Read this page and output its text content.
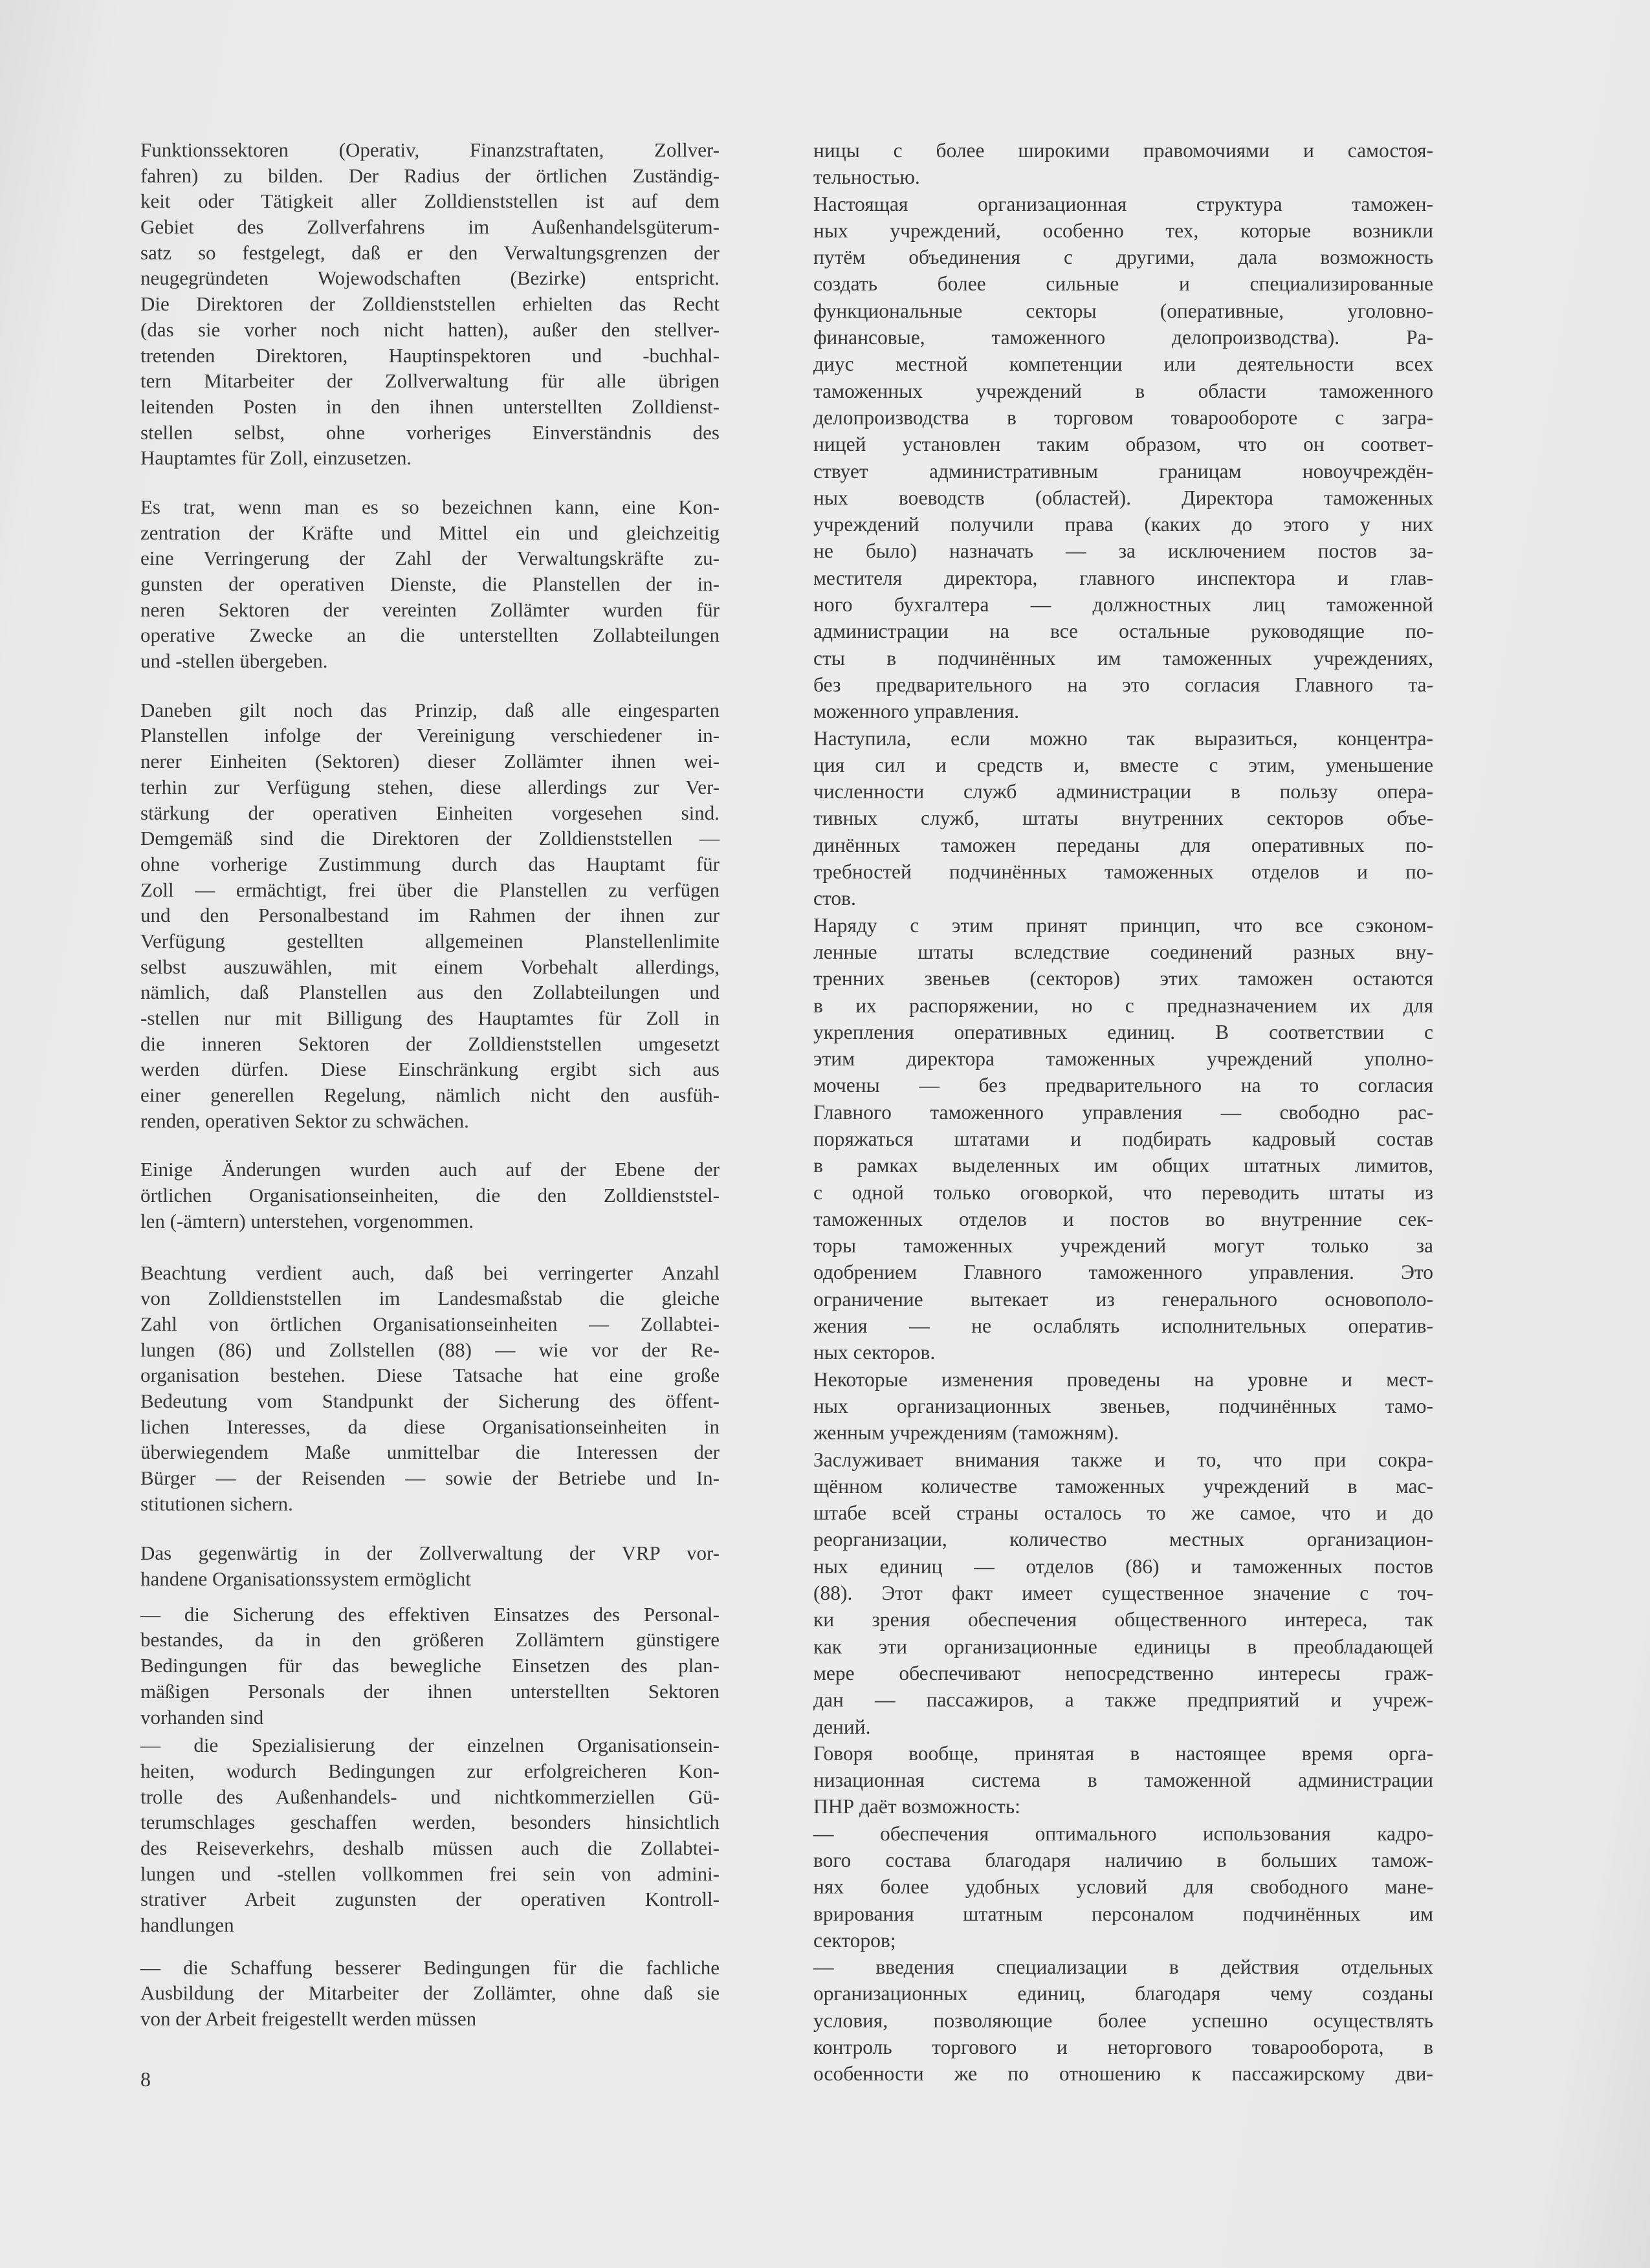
Funktionssektoren (Operativ, Finanzstraftaten, Zollver-
fahren) zu bilden. Der Radius der örtlichen Zuständig-
keit oder Tätigkeit aller Zolldienststellen ist auf dem
Gebiet des Zollverfahrens im Außenhandelsgüterum-
satz so festgelegt, daß er den Verwaltungsgrenzen der
neugegründeten Wojewodschaften (Bezirke) entspricht.
Die Direktoren der Zolldienststellen erhielten das Recht
(das sie vorher noch nicht hatten), außer den stellver-
tretenden Direktoren, Hauptinspektoren und -buchhal-
tern Mitarbeiter der Zollverwaltung für alle übrigen
leitenden Posten in den ihnen unterstellten Zolldienst-
stellen selbst, ohne vorheriges Einverständnis des
Hauptamtes für Zoll, einzusetzen.
Es trat, wenn man es so bezeichnen kann, eine Kon-
zentration der Kräfte und Mittel ein und gleichzeitig
eine Verringerung der Zahl der Verwaltungskräfte zu-
gunsten der operativen Dienste, die Planstellen der in-
neren Sektoren der vereinten Zollämter wurden für
operative Zwecke an die unterstellten Zollabteilungen
und -stellen übergeben.
Daneben gilt noch das Prinzip, daß alle eingesparten
Planstellen infolge der Vereinigung verschiedener in-
nerer Einheiten (Sektoren) dieser Zollämter ihnen wei-
terhin zur Verfügung stehen, diese allerdings zur Ver-
stärkung der operativen Einheiten vorgesehen sind.
Demgemäß sind die Direktoren der Zolldienststellen —
ohne vorherige Zustimmung durch das Hauptamt für
Zoll — ermächtigt, frei über die Planstellen zu verfügen
und den Personalbestand im Rahmen der ihnen zur
Verfügung gestellten allgemeinen Planstellenlimite
selbst auszuwählen, mit einem Vorbehalt allerdings,
nämlich, daß Planstellen aus den Zollabteilungen und
-stellen nur mit Billigung des Hauptamtes für Zoll in
die inneren Sektoren der Zolldienststellen umgesetzt
werden dürfen. Diese Einschränkung ergibt sich aus
einer generellen Regelung, nämlich nicht den ausfüh-
renden, operativen Sektor zu schwächen.
Einige Änderungen wurden auch auf der Ebene der
örtlichen Organisationseinheiten, die den Zolldienststel-
len (-ämtern) unterstehen, vorgenommen.
Beachtung verdient auch, daß bei verringerter Anzahl
von Zolldienststellen im Landesmaßstab die gleiche
Zahl von örtlichen Organisationseinheiten — Zollabtei-
lungen (86) und Zollstellen (88) — wie vor der Re-
organisation bestehen. Diese Tatsache hat eine große
Bedeutung vom Standpunkt der Sicherung des öffent-
lichen Interesses, da diese Organisationseinheiten in
überwiegendem Maße unmittelbar die Interessen der
Bürger — der Reisenden — sowie der Betriebe und In-
stitutionen sichern.
Das gegenwärtig in der Zollverwaltung der VRP vor-
handene Organisationssystem ermöglicht
— die Sicherung des effektiven Einsatzes des Personal-
bestandes, da in den größeren Zollämtern günstigere
Bedingungen für das bewegliche Einsetzen des plan-
mäßigen Personals der ihnen unterstellten Sektoren
vorhanden sind
— die Spezialisierung der einzelnen Organisationsein-
heiten, wodurch Bedingungen zur erfolgreicheren Kon-
trolle des Außenhandels- und nichtkommerziellen Gü-
terumschlages geschaffen werden, besonders hinsichtlich
des Reiseverkehrs, deshalb müssen auch die Zollabtei-
lungen und -stellen vollkommen frei sein von admini-
strativer Arbeit zugunsten der operativen Kontroll-
handlungen
— die Schaffung besserer Bedingungen für die fachliche
Ausbildung der Mitarbeiter der Zollämter, ohne daß sie
von der Arbeit freigestellt werden müssen
ницы с более широкими правомочиями и самостоя-
тельностью.
Настоящая организационная структура таможен-
ных учреждений, особенно тех, которые возникли
путём объединения с другими, дала возможность
создать более сильные и специализированные
функциональные секторы (оперативные, уголовно-
финансовые, таможенного делопроизводства). Ра-
диус местной компетенции или деятельности всех
таможенных учреждений в области таможенного
делопроизводства в торговом товарообороте с загра-
ницей установлен таким образом, что он соответ-
ствует административным границам новоучреждён-
ных воеводств (областей). Директора таможенных
учреждений получили права (каких до этого у них
не было) назначать — за исключением постов за-
местителя директора, главного инспектора и глав-
ного бухгалтера — должностных лиц таможенной
администрации на все остальные руководящие по-
сты в подчинённых им таможенных учреждениях,
без предварительного на это согласия Главного та-
моженного управления.
Наступила, если можно так выразиться, концентра-
ция сил и средств и, вместе с этим, уменьшение
численности служб администрации в пользу опера-
тивных служб, штаты внутренних секторов объе-
динённых таможен переданы для оперативных по-
требностей подчинённых таможенных отделов и по-
стов.
Наряду с этим принят принцип, что все сэконом-
ленные штаты вследствие соединений разных вну-
тренних звеньев (секторов) этих таможен остаются
в их распоряжении, но с предназначением их для
укрепления оперативных единиц. В соответствии с
этим директора таможенных учреждений уполно-
мочены — без предварительного на то согласия
Главного таможенного управления — свободно рас-
поряжаться штатами и подбирать кадровый состав
в рамках выделенных им общих штатных лимитов,
с одной только оговоркой, что переводить штаты из
таможенных отделов и постов во внутренние сек-
торы таможенных учреждений могут только за
одобрением Главного таможенного управления. Это
ограничение вытекает из генерального основополо-
жения — не ослаблять исполнительных оператив-
ных секторов.
Некоторые изменения проведены на уровне и мест-
ных организационных звеньев, подчинённых тамо-
женным учреждениям (таможням).
Заслуживает внимания также и то, что при сокра-
щённом количестве таможенных учреждений в мас-
штабе всей страны осталось то же самое, что и до
реорганизации, количество местных организацион-
ных единиц — отделов (86) и таможенных постов
(88). Этот факт имеет существенное значение с точ-
ки зрения обеспечения общественного интереса, так
как эти организационные единицы в преобладающей
мере обеспечивают непосредственно интересы граж-
дан — пассажиров, а также предприятий и учреж-
дений.
Говоря вообще, принятая в настоящее время орга-
низационная система в таможенной администрации
ПНР даёт возможность:
— обеспечения оптимального использования кадро-
вого состава благодаря наличию в больших тамож-
нях более удобных условий для свободного мане-
врирования штатным персоналом подчинённых им
секторов;
— введения специализации в действия отдельных
организационных единиц, благодаря чему созданы
условия, позволяющие более успешно осуществлять
контроль торгового и неторгового товарооборота, в
особенности же по отношению к пассажирскому дви-
8
